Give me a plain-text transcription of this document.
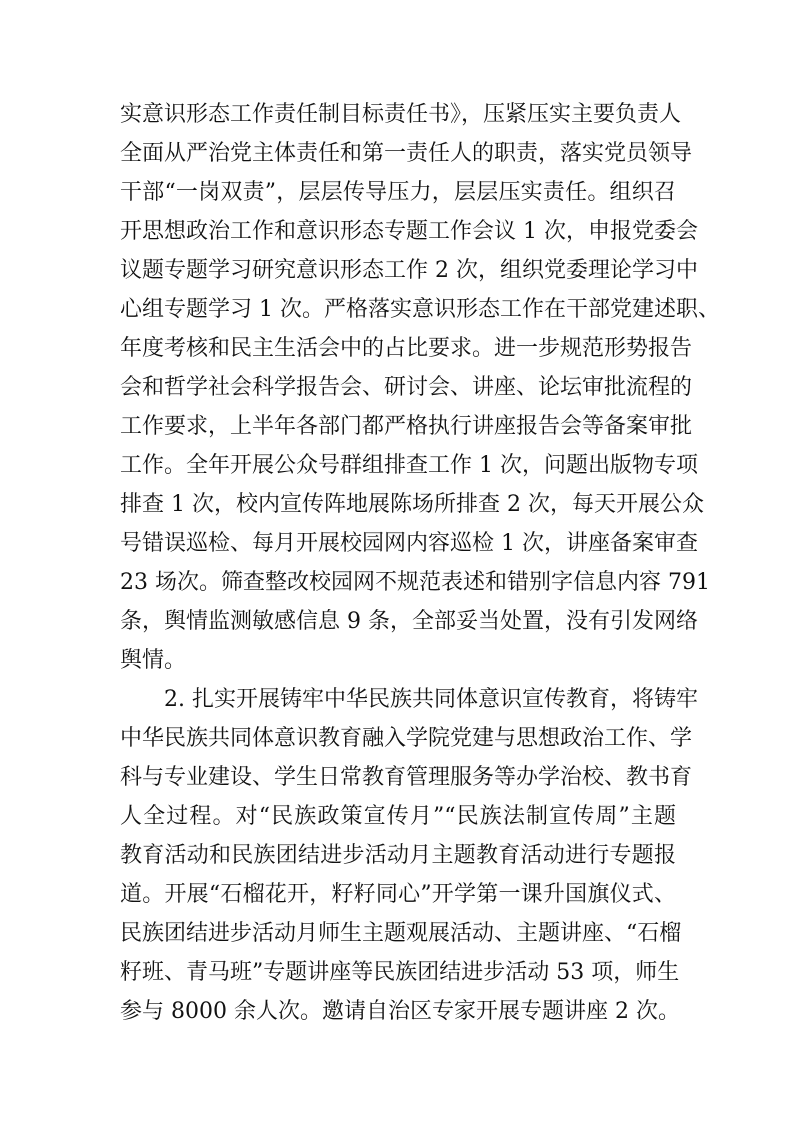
实意识形态工作责任制目标责任书》，压紧压实主要负责人
全面从严治党主体责任和第一责任人的职责，落实党员领导
干部“一岗双责”，层层传导压力，层层压实责任。组织召
开思想政治工作和意识形态专题工作会议 1 次，申报党委会
议题专题学习研究意识形态工作 2 次，组织党委理论学习中
心组专题学习 1 次。严格落实意识形态工作在干部党建述职、
年度考核和民主生活会中的占比要求。进一步规范形势报告
会和哲学社会科学报告会、研讨会、讲座、论坛审批流程的
工作要求，上半年各部门都严格执行讲座报告会等备案审批
工作。全年开展公众号群组排查工作 1 次，问题出版物专项
排查 1 次，校内宣传阵地展陈场所排查 2 次，每天开展公众
号错误巡检、每月开展校园网内容巡检 1 次，讲座备案审查
23 场次。筛查整改校园网不规范表述和错别字信息内容 791
条，舆情监测敏感信息 9 条，全部妥当处置，没有引发网络
舆情。
2. 扎实开展铸牢中华民族共同体意识宣传教育，将铸牢
中华民族共同体意识教育融入学院党建与思想政治工作、学
科与专业建设、学生日常教育管理服务等办学治校、教书育
人全过程。对“民族政策宣传月”“民族法制宣传周”主题
教育活动和民族团结进步活动月主题教育活动进行专题报
道。开展“石榴花开，籽籽同心”开学第一课升国旗仪式、
民族团结进步活动月师生主题观展活动、主题讲座、“石榴
籽班、青马班”专题讲座等民族团结进步活动 53 项，师生
参与 8000 余人次。邀请自治区专家开展专题讲座 2 次。
